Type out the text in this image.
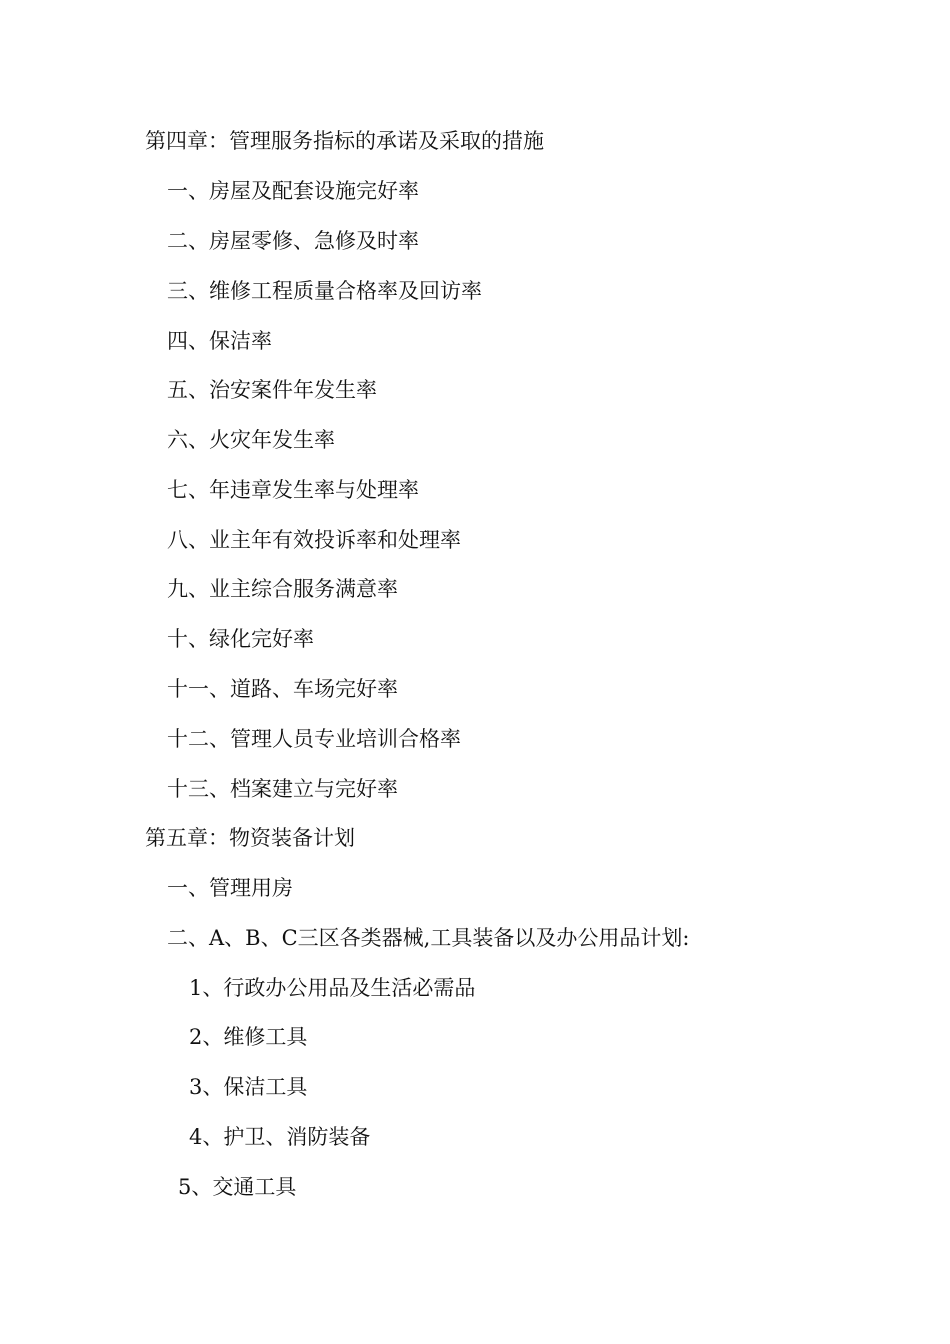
第四章：管理服务指标的承诺及采取的措施
一、房屋及配套设施完好率
二、房屋零修、急修及时率
三、维修工程质量合格率及回访率
四、保洁率
五、治安案件年发生率
六、火灾年发生率
七、年违章发生率与处理率
八、业主年有效投诉率和处理率
九、业主综合服务满意率
十、绿化完好率
十一、道路、车场完好率
十二、管理人员专业培训合格率
十三、档案建立与完好率
第五章：物资装备计划
一、管理用房
二、A、B、C三区各类器械,工具装备以及办公用品计划:
1、行政办公用品及生活必需品
2、维修工具
3、保洁工具
4、护卫、消防装备
5、交通工具
